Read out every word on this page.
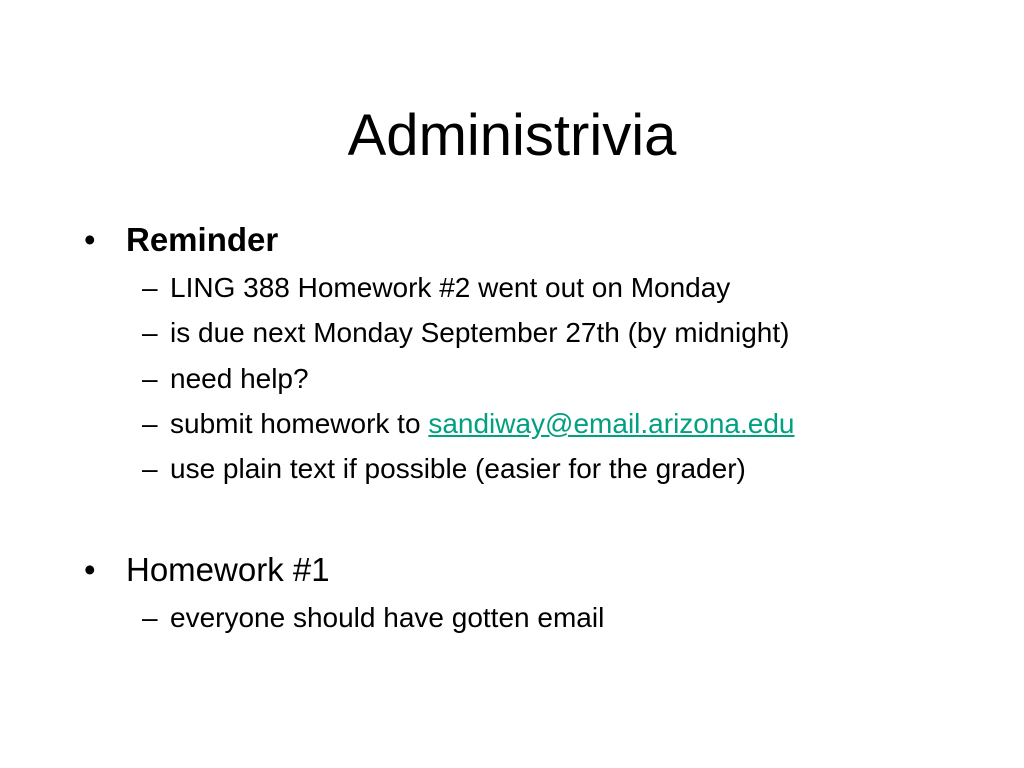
Administrivia
• Reminder
– LING 388 Homework #2 went out on Monday
– is due next Monday September 27th (by midnight)
– need help?
– submit homework to sandiway@email.arizona.edu
– use plain text if possible (easier for the grader)
• Homework #1
– everyone should have gotten email
